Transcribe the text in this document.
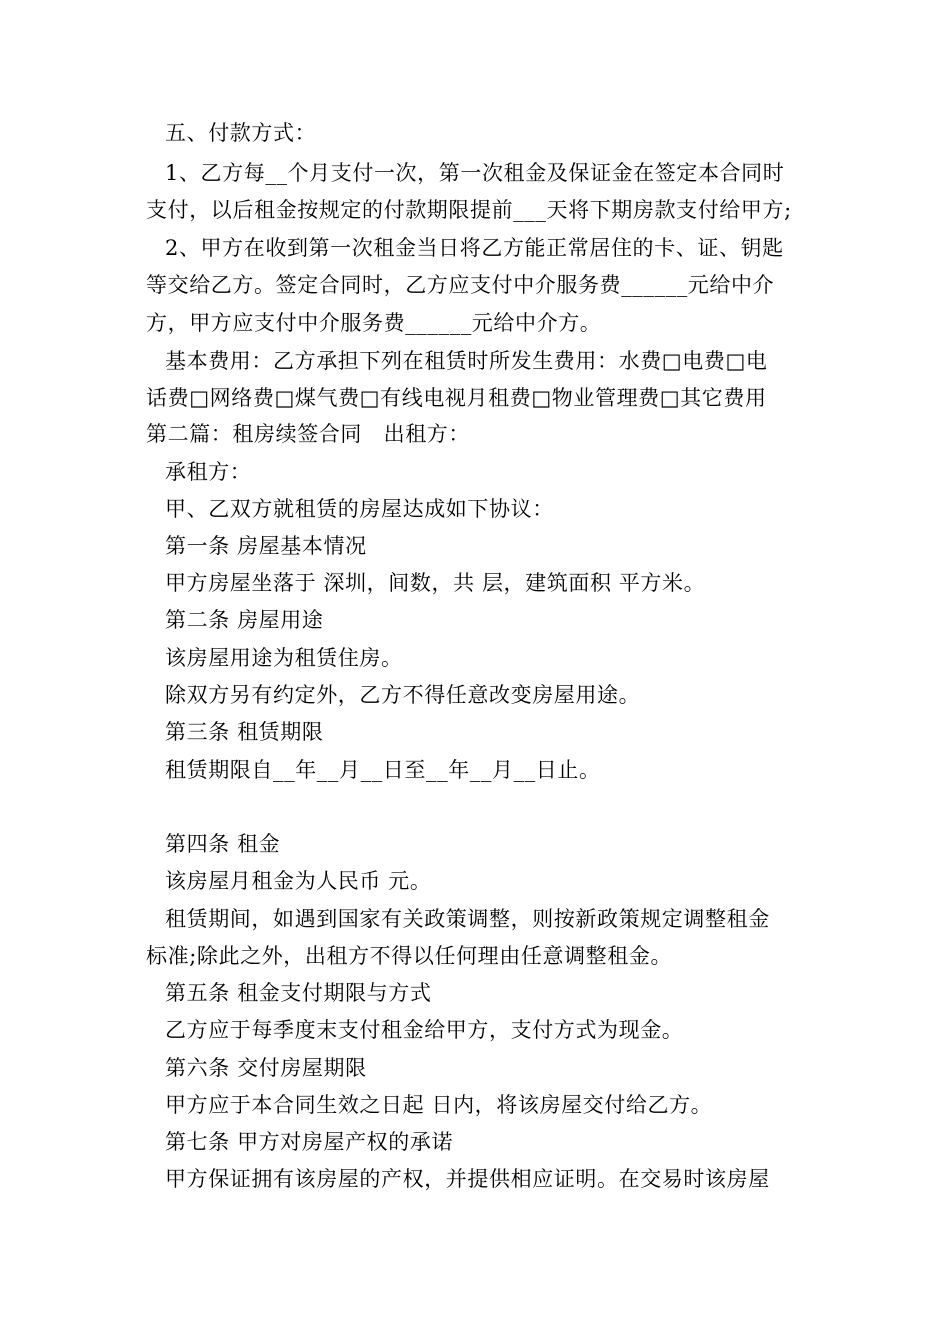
五、付款方式：
1、乙方每__个月支付一次，第一次租金及保证金在签定本合同时
支付，以后租金按规定的付款期限提前___天将下期房款支付给甲方;
2、甲方在收到第一次租金当日将乙方能正常居住的卡、证、钥匙
等交给乙方。签定合同时，乙方应支付中介服务费______元给中介
方，甲方应支付中介服务费______元给中介方。
基本费用：乙方承担下列在租赁时所发生费用：水费□电费□电
话费□网络费□煤气费□有线电视月租费□物业管理费□其它费用
第二篇：租房续签合同　出租方：
承租方：
甲、乙双方就租赁的房屋达成如下协议：
第一条 房屋基本情况
甲方房屋坐落于 深圳，间数，共 层，建筑面积 平方米。
第二条 房屋用途
该房屋用途为租赁住房。
除双方另有约定外，乙方不得任意改变房屋用途。
第三条 租赁期限
租赁期限自__年__月__日至__年__月__日止。
第四条 租金
该房屋月租金为人民币 元。
租赁期间，如遇到国家有关政策调整，则按新政策规定调整租金
标准;除此之外，出租方不得以任何理由任意调整租金。
第五条 租金支付期限与方式
乙方应于每季度末支付租金给甲方，支付方式为现金。
第六条 交付房屋期限
甲方应于本合同生效之日起 日内，将该房屋交付给乙方。
第七条 甲方对房屋产权的承诺
甲方保证拥有该房屋的产权，并提供相应证明。在交易时该房屋
